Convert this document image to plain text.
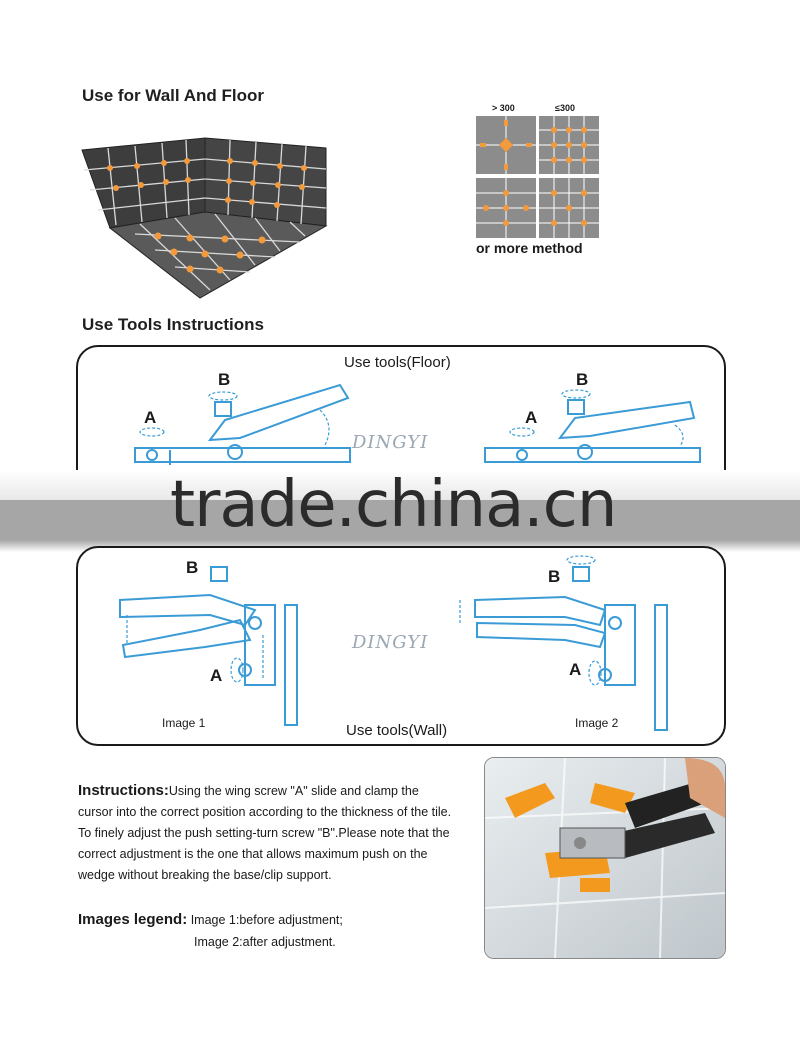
Use for Wall And Floor
> 300	≤300
or more method
Use Tools Instructions
Use tools(Floor)
B
A
DINGYI
B
A
trade.china.cn
B
A
Image 1
DINGYI
Use tools(Wall)
B
A
Image 2
Instructions:Using the wing screw "A" slide and clamp the
cursor into the correct position according to the thickness of the tile.
To finely adjust the push setting-turn screw "B".Please note that the
correct adjustment is the one that allows maximum push on the
wedge without breaking the base/clip support.
Images legend: Image 1:before adjustment;
Image 2:after adjustment.
